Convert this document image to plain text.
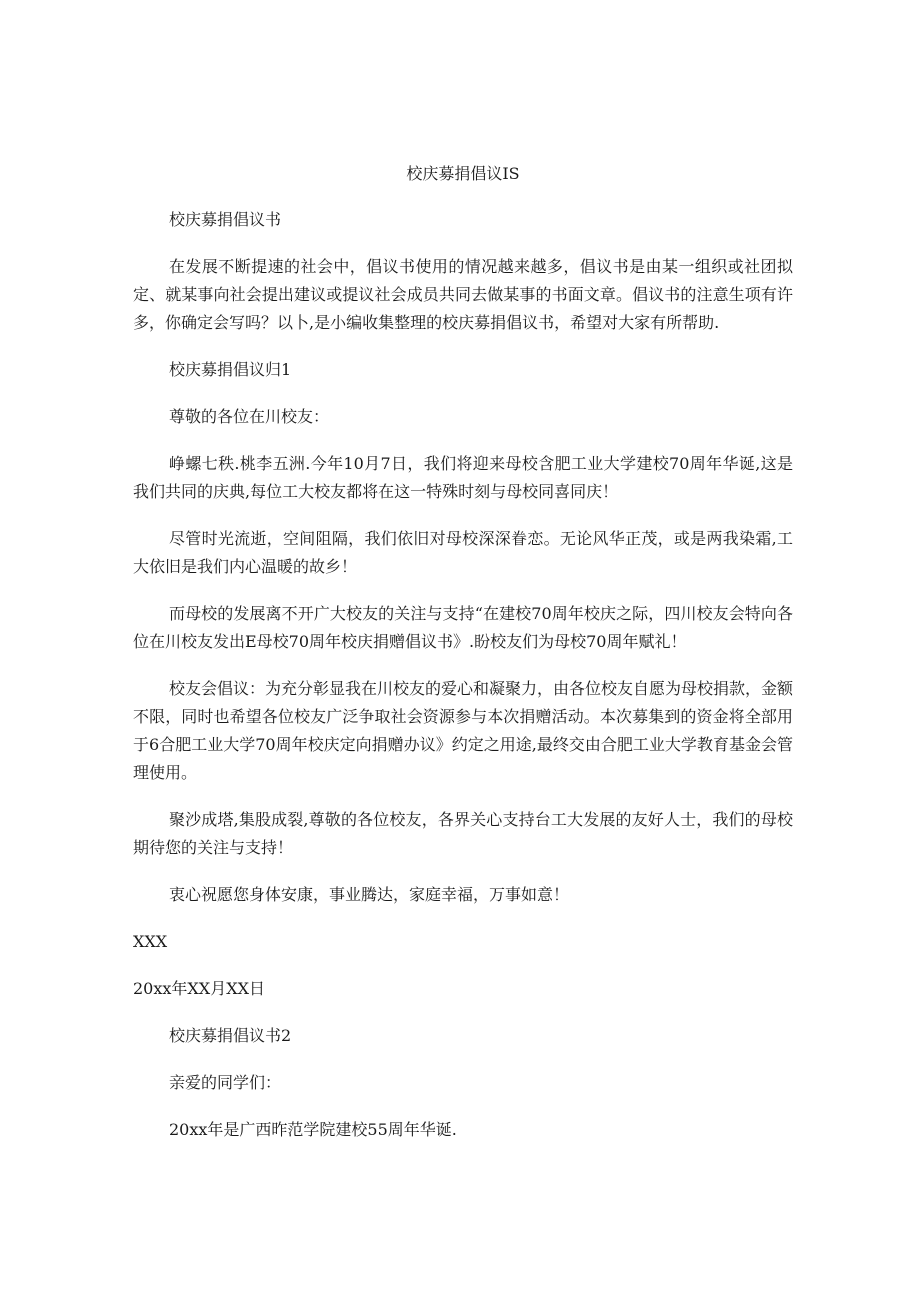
校庆募捐倡议IS

校庆募捐倡议书

在发展不断提速的社会中，倡议书使用的情况越来越多，倡议书是由某一组织或社团拟定、就某事向社会提出建议或提议社会成员共同去做某事的书面文章。倡议书的注意生项有许多，你确定会写吗？以卜,是小编收集整理的校庆募捐倡议书，希望对大家有所帮助.

校庆募捐倡议归1

尊敬的各位在川校友：

峥螺七秩.桃李五洲.今年10月7日，我们将迎来母校含肥工业大学建校70周年华诞,这是我们共同的庆典,每位工大校友都将在这一特殊时刻与母校同喜同庆！

尽管时光流逝，空间阻隔，我们依旧对母校深深眷恋。无论风华正茂，或是两我染霜,工大依旧是我们内心温暖的故乡！

而母校的发展离不开广大校友的关注与支持“在建校70周年校庆之际，四川校友会特向各位在川校友发出E母校70周年校庆捐赠倡议书》.盼校友们为母校70周年赋礼！

校友会倡议：为充分彰显我在川校友的爱心和凝聚力，由各位校友自愿为母校捐款，金额不限，同时也希望各位校友广泛争取社会资源参与本次捐赠活动。本次募集到的资金将全部用于6合肥工业大学70周年校庆定向捐赠办议》约定之用途,最终交由合肥工业大学教育基金会管理使用。

聚沙成塔,集股成裂,尊敬的各位校友，各界关心支持台工大发展的友好人士，我们的母校期待您的关注与支持！

衷心祝愿您身体安康，事业腾达，家庭幸福，万事如意！

XXX

20xx年XX月XX日

校庆募捐倡议书2

亲爱的同学们：

20xx年是广西昨范学院建校55周年华诞.
